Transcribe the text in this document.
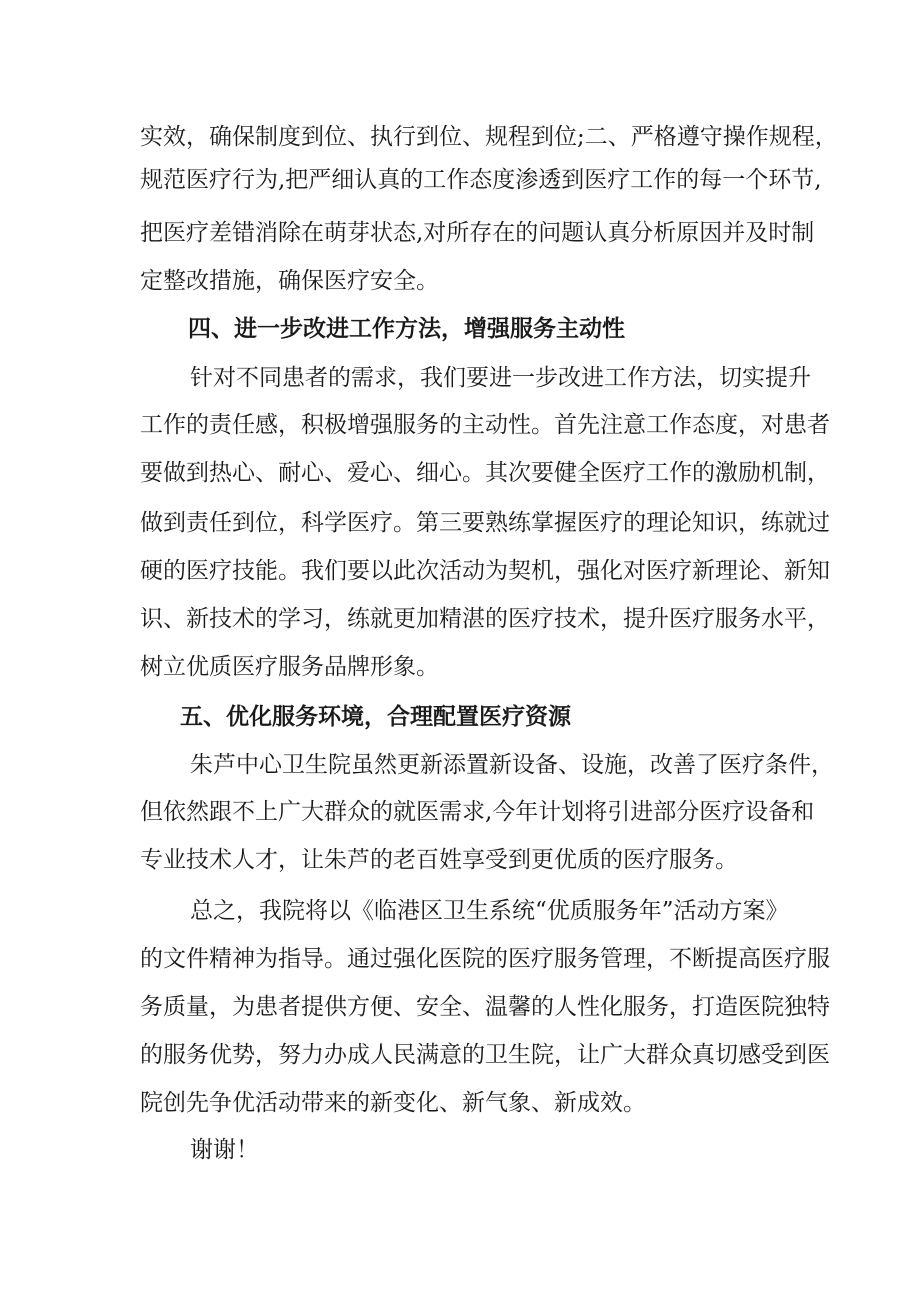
实效，确保制度到位、执行到位、规程到位;二、严格遵守操作规程，
规范医疗行为,把严细认真的工作态度渗透到医疗工作的每一个环节,
把医疗差错消除在萌芽状态,对所存在的问题认真分析原因并及时制
定整改措施，确保医疗安全。
四、进一步改进工作方法，增强服务主动性
针对不同患者的需求，我们要进一步改进工作方法，切实提升
工作的责任感，积极增强服务的主动性。首先注意工作态度，对患者
要做到热心、耐心、爱心、细心。其次要健全医疗工作的激励机制，
做到责任到位，科学医疗。第三要熟练掌握医疗的理论知识，练就过
硬的医疗技能。我们要以此次活动为契机，强化对医疗新理论、新知
识、新技术的学习，练就更加精湛的医疗技术，提升医疗服务水平，
树立优质医疗服务品牌形象。
五、优化服务环境，合理配置医疗资源
朱芦中心卫生院虽然更新添置新设备、设施，改善了医疗条件，
但依然跟不上广大群众的就医需求,今年计划将引进部分医疗设备和
专业技术人才，让朱芦的老百姓享受到更优质的医疗服务。
总之，我院将以《临港区卫生系统“优质服务年”活动方案》
的文件精神为指导。通过强化医院的医疗服务管理，不断提高医疗服
务质量，为患者提供方便、安全、温馨的人性化服务，打造医院独特
的服务优势，努力办成人民满意的卫生院，让广大群众真切感受到医
院创先争优活动带来的新变化、新气象、新成效。
谢谢！
